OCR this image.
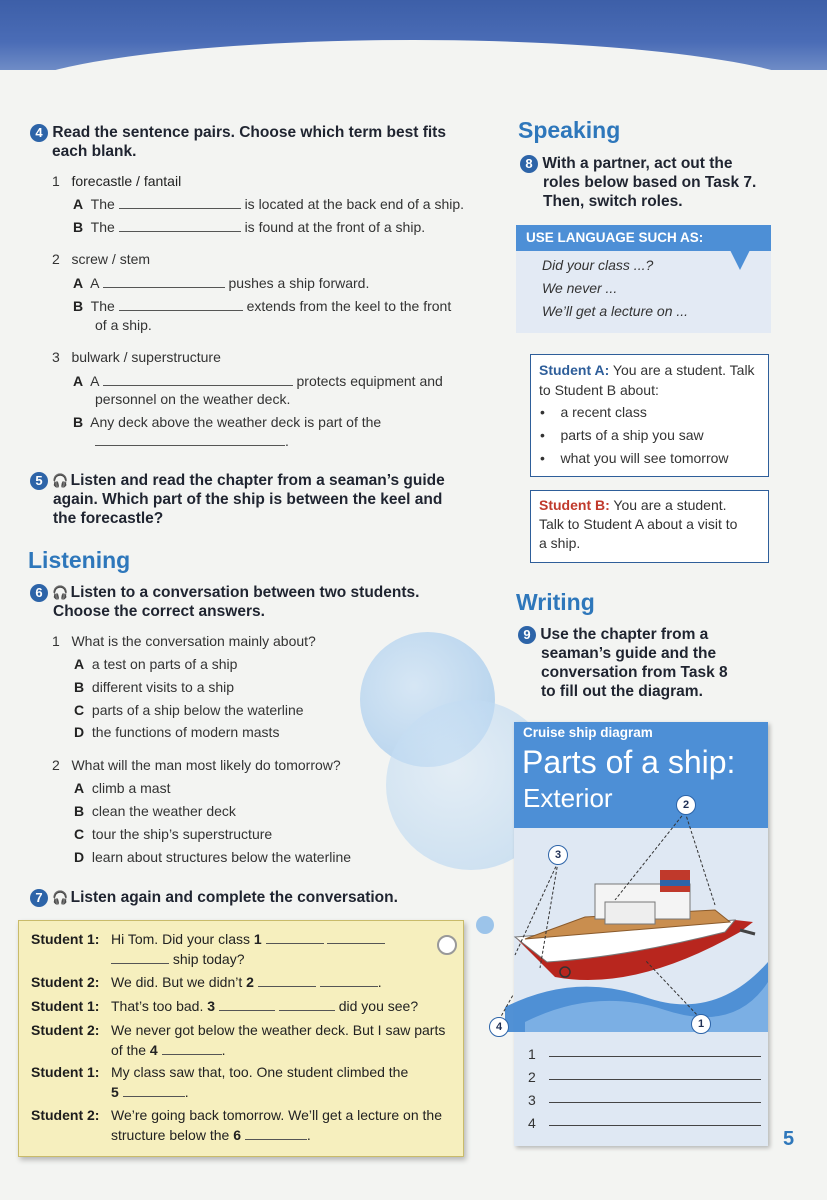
4 Read the sentence pairs. Choose which term best fits
each blank.
1 forecastle / fantail
A The	is located at the back end of a ship.
B The	is found at the front of a ship.
2 screw / stem
A A	pushes a ship forward.
B The	extends from the keel to the front
of a ship.
3 bulwark / superstructure
A A	protects equipment and
personnel on the weather deck.
B Any deck above the weather deck is part of the
.
5 🎧 Listen and read the chapter from a seaman’s guide
again. Which part of the ship is between the keel and
the forecastle?
Listening
6 🎧 Listen to a conversation between two students.
Choose the correct answers.
1 What is the conversation mainly about?
A a test on parts of a ship
B different visits to a ship
C parts of a ship below the waterline
D the functions of modern masts
2 What will the man most likely do tomorrow?
A climb a mast
B clean the weather deck
C tour the ship’s superstructure
D learn about structures below the waterline
7 🎧 Listen again and complete the conversation.
Student 1: Hi Tom. Did your class 1
ship today?
Student 2: We did. But we didn’t 2	.
Student 1: That’s too bad. 3	did you see?
Student 2: We never got below the weather deck. But I saw parts
of the 4	.
Student 1: My class saw that, too. One student climbed the
5	.
Student 2: We’re going back tomorrow. We’ll get a lecture on the
structure below the 6	.
Speaking
8 With a partner, act out the
roles below based on Task 7.
Then, switch roles.
USE LANGUAGE SUCH AS:
Did your class ...?
We never ...
We’ll get a lecture on ...
Student A: You are a student. Talk
to Student B about:
•    a recent class
•    parts of a ship you saw
•    what you will see tomorrow
Student B: You are a student.
Talk to Student A about a visit to
a ship.
Writing
9 Use the chapter from a
seaman’s guide and the
conversation from Task 8
to fill out the diagram.
Cruise ship diagram
Parts of a ship:
Exterior	2
3
1
4
1
2
3
4
5
